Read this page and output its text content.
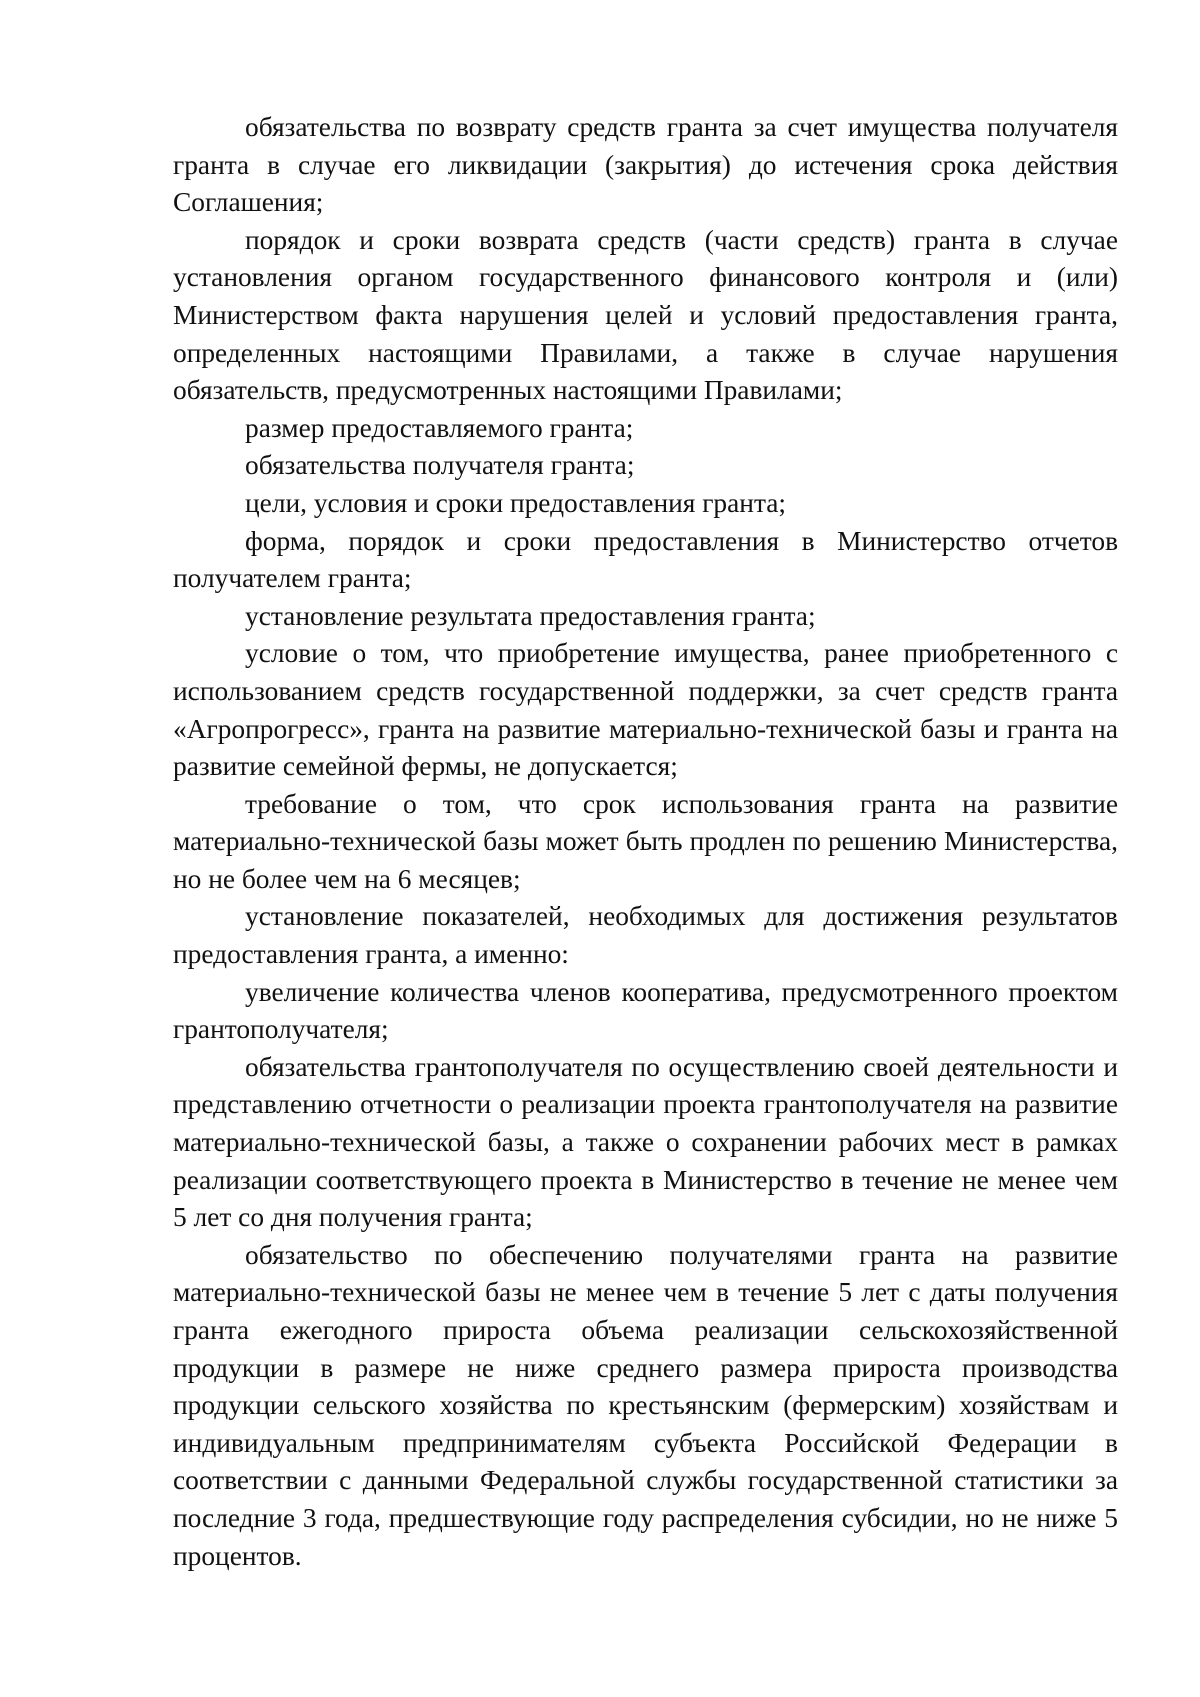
обязательства по возврату средств гранта за счет имущества получателя гранта в случае его ликвидации (закрытия) до истечения срока действия Соглашения;

порядок и сроки возврата средств (части средств) гранта в случае установления органом государственного финансового контроля и (или) Министерством факта нарушения целей и условий предоставления гранта, определенных настоящими Правилами, а также в случае нарушения обязательств, предусмотренных настоящими Правилами;

размер предоставляемого гранта;

обязательства получателя гранта;

цели, условия и сроки предоставления гранта;

форма, порядок и сроки предоставления в Министерство отчетов получателем гранта;

установление результата предоставления гранта;

условие о том, что приобретение имущества, ранее приобретенного с использованием средств государственной поддержки, за счет средств гранта «Агропрогресс», гранта на развитие материально-технической базы и гранта на развитие семейной фермы, не допускается;

требование о том, что срок использования гранта на развитие материально-технической базы может быть продлен по решению Министерства, но не более чем на 6 месяцев;

установление показателей, необходимых для достижения результатов предоставления гранта, а именно:

увеличение количества членов кооператива, предусмотренного проектом грантополучателя;

обязательства грантополучателя по осуществлению своей деятельности и представлению отчетности о реализации проекта грантополучателя на развитие материально-технической базы, а также о сохранении рабочих мест в рамках реализации соответствующего проекта в Министерство в течение не менее чем 5 лет со дня получения гранта;

обязательство по обеспечению получателями гранта на развитие материально-технической базы не менее чем в течение 5 лет с даты получения гранта ежегодного прироста объема реализации сельскохозяйственной продукции в размере не ниже среднего размера прироста производства продукции сельского хозяйства по крестьянским (фермерским) хозяйствам и индивидуальным предпринимателям субъекта Российской Федерации в соответствии с данными Федеральной службы государственной статистики за последние 3 года, предшествующие году распределения субсидии, но не ниже 5 процентов.
